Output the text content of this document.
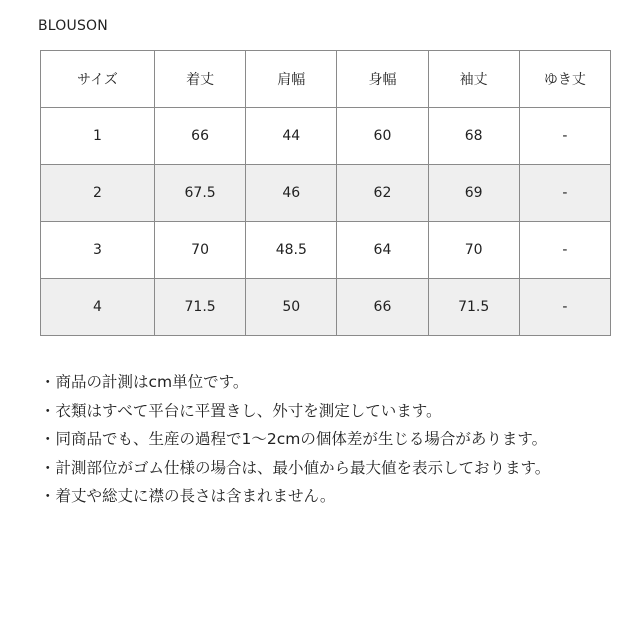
BLOUSON
サイズ	着丈	肩幅	身幅	袖丈	ゆき丈
1	66	44	60	68	-
2	67.5	46	62	69	-
3	70	48.5	64	70	-
4	71.5	50	66	71.5	-

・商品の計測はcm単位です。

・衣類はすべて平台に平置きし、外寸を測定しています。

・同商品でも、生産の過程で1〜2cmの個体差が生じる場合があります。

・計測部位がゴム仕様の場合は、最小値から最大値を表示しております。

・着丈や総丈に襟の長さは含まれません。
